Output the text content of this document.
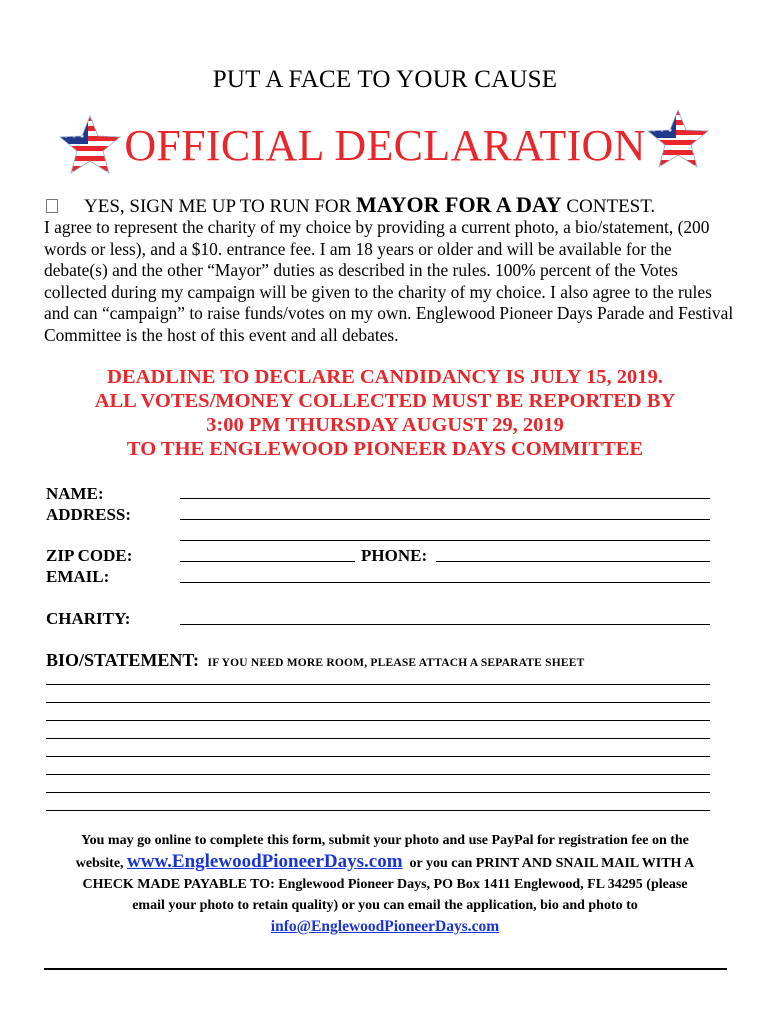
PUT A FACE TO YOUR CAUSE
OFFICIAL DECLARATION
YES, SIGN ME UP TO RUN FOR MAYOR FOR A DAY CONTEST.
I agree to represent the charity of my choice by providing a current photo, a bio/statement, (200 words or less), and a $10. entrance fee. I am 18 years or older and will be available for the debate(s) and the other “Mayor” duties as described in the rules. 100% percent of the Votes collected during my campaign will be given to the charity of my choice. I also agree to the rules and can “campaign” to raise funds/votes on my own. Englewood Pioneer Days Parade and Festival Committee is the host of this event and all debates.
DEADLINE TO DECLARE CANDIDANCY IS JULY 15, 2019.
ALL VOTES/MONEY COLLECTED MUST BE REPORTED BY
3:00 PM THURSDAY AUGUST 29, 2019
TO THE ENGLEWOOD PIONEER DAYS COMMITTEE
NAME:
ADDRESS:
ZIP CODE:	PHONE:
EMAIL:
CHARITY:
BIO/STATEMENT: IF YOU NEED MORE ROOM, PLEASE ATTACH A SEPARATE SHEET
You may go online to complete this form, submit your photo and use PayPal for registration fee on the
website, www.EnglewoodPioneerDays.com or you can PRINT AND SNAIL MAIL WITH A
CHECK MADE PAYABLE TO: Englewood Pioneer Days, PO Box 1411 Englewood, FL 34295 (please
email your photo to retain quality) or you can email the application, bio and photo to
info@EnglewoodPioneerDays.com
